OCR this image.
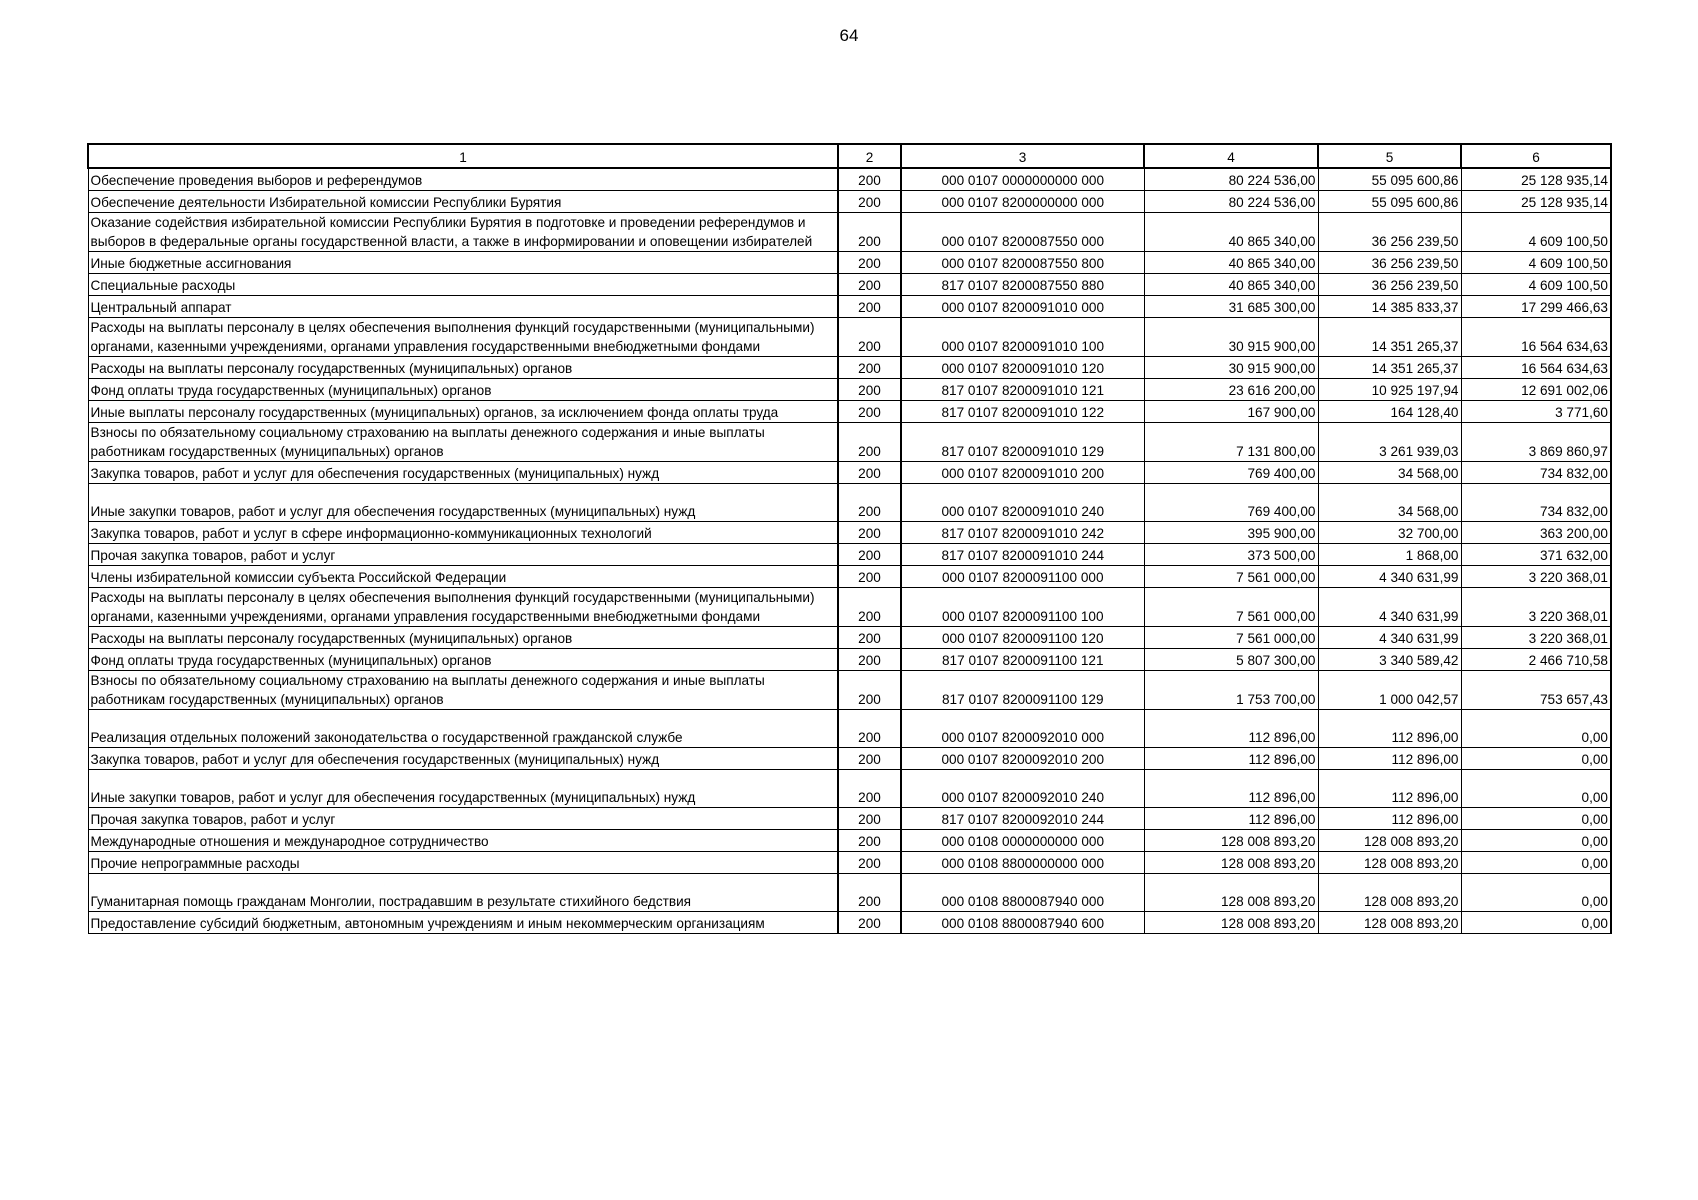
64
1	2	3	4	5	6
Обеспечение проведения выборов и референдумов	200	000 0107 0000000000 000	80 224 536,00	55 095 600,86	25 128 935,14
Обеспечение деятельности Избирательной комиссии Республики Бурятия	200	000 0107 8200000000 000	80 224 536,00	55 095 600,86	25 128 935,14
Оказание содействия избирательной комиссии Республики Бурятия в подготовке и проведении референдумов и выборов в федеральные органы государственной власти, а также в информировании и оповещении избирателей	200	000 0107 8200087550 000	40 865 340,00	36 256 239,50	4 609 100,50
Иные бюджетные ассигнования	200	000 0107 8200087550 800	40 865 340,00	36 256 239,50	4 609 100,50
Специальные расходы	200	817 0107 8200087550 880	40 865 340,00	36 256 239,50	4 609 100,50
Центральный аппарат	200	000 0107 8200091010 000	31 685 300,00	14 385 833,37	17 299 466,63
Расходы на выплаты персоналу в целях обеспечения выполнения функций государственными (муниципальными) органами, казенными учреждениями, органами управления государственными внебюджетными фондами	200	000 0107 8200091010 100	30 915 900,00	14 351 265,37	16 564 634,63
Расходы на выплаты персоналу государственных (муниципальных) органов	200	000 0107 8200091010 120	30 915 900,00	14 351 265,37	16 564 634,63
Фонд оплаты труда государственных (муниципальных) органов	200	817 0107 8200091010 121	23 616 200,00	10 925 197,94	12 691 002,06
Иные выплаты персоналу государственных (муниципальных) органов, за исключением фонда оплаты труда	200	817 0107 8200091010 122	167 900,00	164 128,40	3 771,60
Взносы по обязательному социальному страхованию на выплаты денежного содержания и иные выплаты работникам государственных (муниципальных) органов	200	817 0107 8200091010 129	7 131 800,00	3 261 939,03	3 869 860,97
Закупка товаров, работ и услуг для обеспечения государственных (муниципальных) нужд	200	000 0107 8200091010 200	769 400,00	34 568,00	734 832,00
Иные закупки товаров, работ и услуг для обеспечения государственных (муниципальных) нужд	200	000 0107 8200091010 240	769 400,00	34 568,00	734 832,00
Закупка товаров, работ и услуг в сфере информационно-коммуникационных технологий	200	817 0107 8200091010 242	395 900,00	32 700,00	363 200,00
Прочая закупка товаров, работ и услуг	200	817 0107 8200091010 244	373 500,00	1 868,00	371 632,00
Члены избирательной комиссии субъекта Российской Федерации	200	000 0107 8200091100 000	7 561 000,00	4 340 631,99	3 220 368,01
Расходы на выплаты персоналу в целях обеспечения выполнения функций государственными (муниципальными) органами, казенными учреждениями, органами управления государственными внебюджетными фондами	200	000 0107 8200091100 100	7 561 000,00	4 340 631,99	3 220 368,01
Расходы на выплаты персоналу государственных (муниципальных) органов	200	000 0107 8200091100 120	7 561 000,00	4 340 631,99	3 220 368,01
Фонд оплаты труда государственных (муниципальных) органов	200	817 0107 8200091100 121	5 807 300,00	3 340 589,42	2 466 710,58
Взносы по обязательному социальному страхованию на выплаты денежного содержания и иные выплаты работникам государственных (муниципальных) органов	200	817 0107 8200091100 129	1 753 700,00	1 000 042,57	753 657,43
Реализация отдельных положений законодательства о государственной гражданской службе	200	000 0107 8200092010 000	112 896,00	112 896,00	0,00
Закупка товаров, работ и услуг для обеспечения государственных (муниципальных) нужд	200	000 0107 8200092010 200	112 896,00	112 896,00	0,00
Иные закупки товаров, работ и услуг для обеспечения государственных (муниципальных) нужд	200	000 0107 8200092010 240	112 896,00	112 896,00	0,00
Прочая закупка товаров, работ и услуг	200	817 0107 8200092010 244	112 896,00	112 896,00	0,00
Международные отношения и международное сотрудничество	200	000 0108 0000000000 000	128 008 893,20	128 008 893,20	0,00
Прочие непрограммные расходы	200	000 0108 8800000000 000	128 008 893,20	128 008 893,20	0,00
Гуманитарная помощь гражданам Монголии, пострадавшим в результате стихийного бедствия	200	000 0108 8800087940 000	128 008 893,20	128 008 893,20	0,00
Предоставление субсидий бюджетным, автономным учреждениям и иным некоммерческим организациям	200	000 0108 8800087940 600	128 008 893,20	128 008 893,20	0,00
